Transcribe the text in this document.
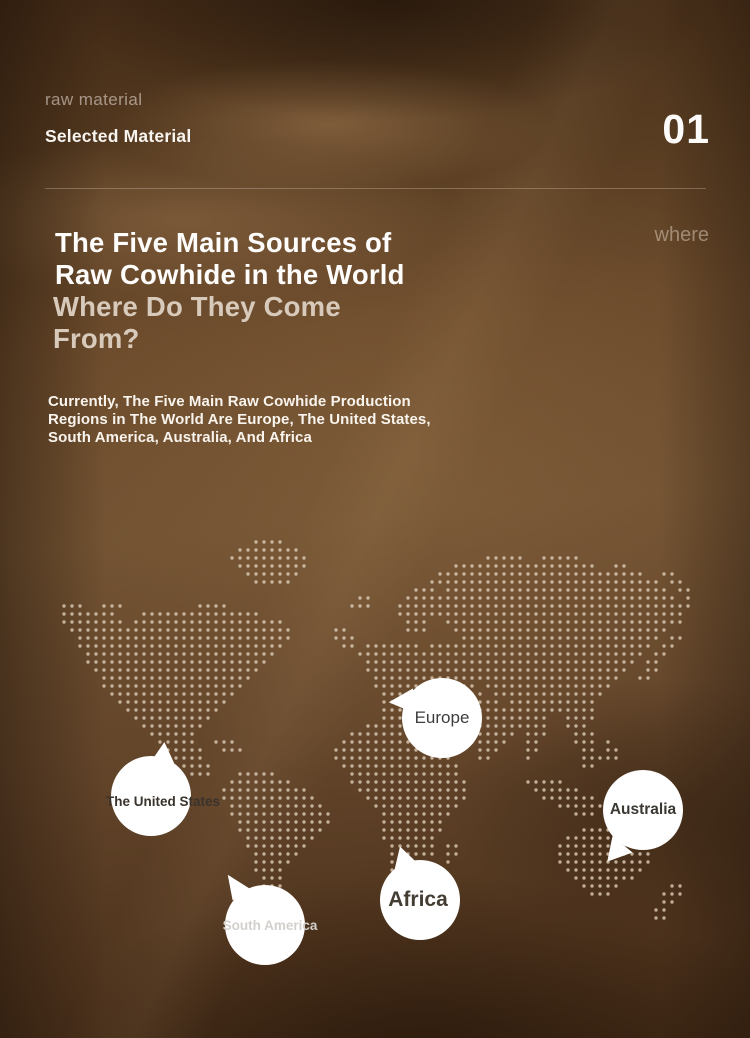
raw material
Selected Material	01
where
The Five Main Sources of
Raw Cowhide in the World
Where Do They Come
From?

Currently, The Five Main Raw Cowhide Production
Regions in The World Are Europe, The United States,
South America, Australia, And Africa

Europe
The United States
South America
Africa
Australia
